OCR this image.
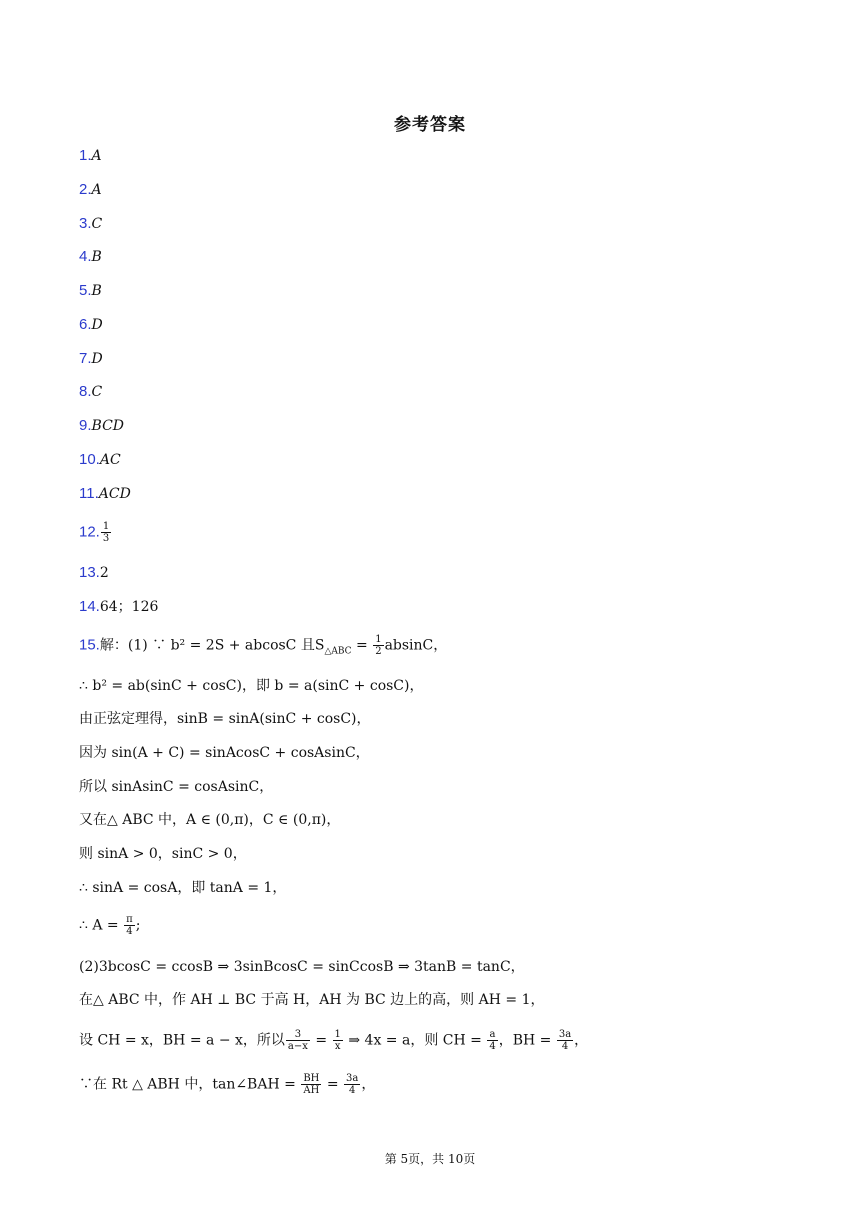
参考答案
1.A
2.A
3.C
4.B
5.B
6.D
7.D
8.C
9.BCD
10.AC
11.ACD
12. $\frac{1}{3}$
13.2
14.64；126
15.解：(1) ∵ b² = 2S + abcosC 且$S_{\triangle ABC} = \frac{1}{2}$ absinC，
∴ b² = ab(sinC + cosC)，即 b = a(sinC + cosC)，
由正弦定理得，sinB = sinA(sinC + cosC)，
因为 sin(A + C) = sinAcosC + cosAsinC，
所以 sinAsinC = cosAsinC，
又在△ ABC 中，A ∈ (0,π)，C ∈ (0,π)，
则 sinA > 0，sinC > 0，
∴ sinA = cosA，即 tanA = 1，
∴ $A = \frac{\pi}{4}$ ;
(2)3bcosC = ccosB ⇒ 3sinBcosC = sinCcosB ⇒ 3tanB = tanC，
在△ ABC 中，作 AH ⊥ BC 于高 H，AH 为 BC 边上的高，则 AH = 1，
设 CH = x，BH = a − x，所以 $\frac{3}{a-x} = \frac{1}{x}$ ⇒ 4x = a，则 CH = $\frac{a}{4}$ ，BH = $\frac{3a}{4}$ ，
∵在 Rt △ ABH 中，tan∠BAH = $\frac{BH}{AH} = \frac{3a}{4}$ ，
第 5页，共 10页
